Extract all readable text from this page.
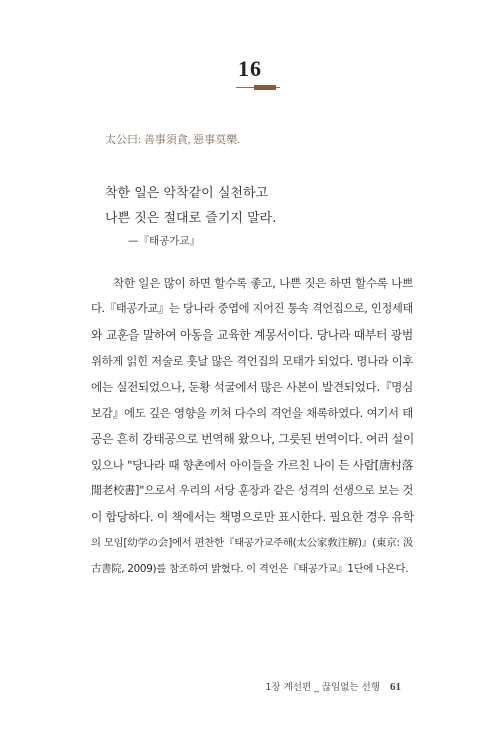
16
太公曰: 善事須貪, 惡事莫樂.
착한 일은 악착같이 실천하고
나쁜 짓은 절대로 즐기지 말라.
—『태공가교』
착한 일은 많이 하면 할수록 좋고, 나쁜 짓은 하면 할수록 나쁘
다.『태공가교』는 당나라 중엽에 지어진 통속 격언집으로, 인정세태
와 교훈을 말하여 아동을 교육한 계몽서이다. 당나라 때부터 광범
위하게 읽힌 저술로 훗날 많은 격언집의 모태가 되었다. 명나라 이후
에는 실전되었으나, 둔황 석굴에서 많은 사본이 발견되었다.『명심
보감』에도 깊은 영향을 끼쳐 다수의 격언을 채록하였다. 여기서 태
공은 흔히 강태공으로 번역해 왔으나, 그릇된 번역이다. 여러 설이
있으나 "당나라 때 향촌에서 아이들을 가르친 나이 든 사람[唐村落
閒老校書]"으로서 우리의 서당 훈장과 같은 성격의 선생으로 보는 것
이 합당하다. 이 책에서는 책명으로만 표시한다. 필요한 경우 유학
의 모임[幼学の会]에서 편찬한『태공가교주해(太公家敎注解)』(東京: 汲
古書院, 2009)를 참조하여 밝혔다. 이 격언은『태공가교』1단에 나온다.
1장 계선편 _ 끊임없는 선행 61
